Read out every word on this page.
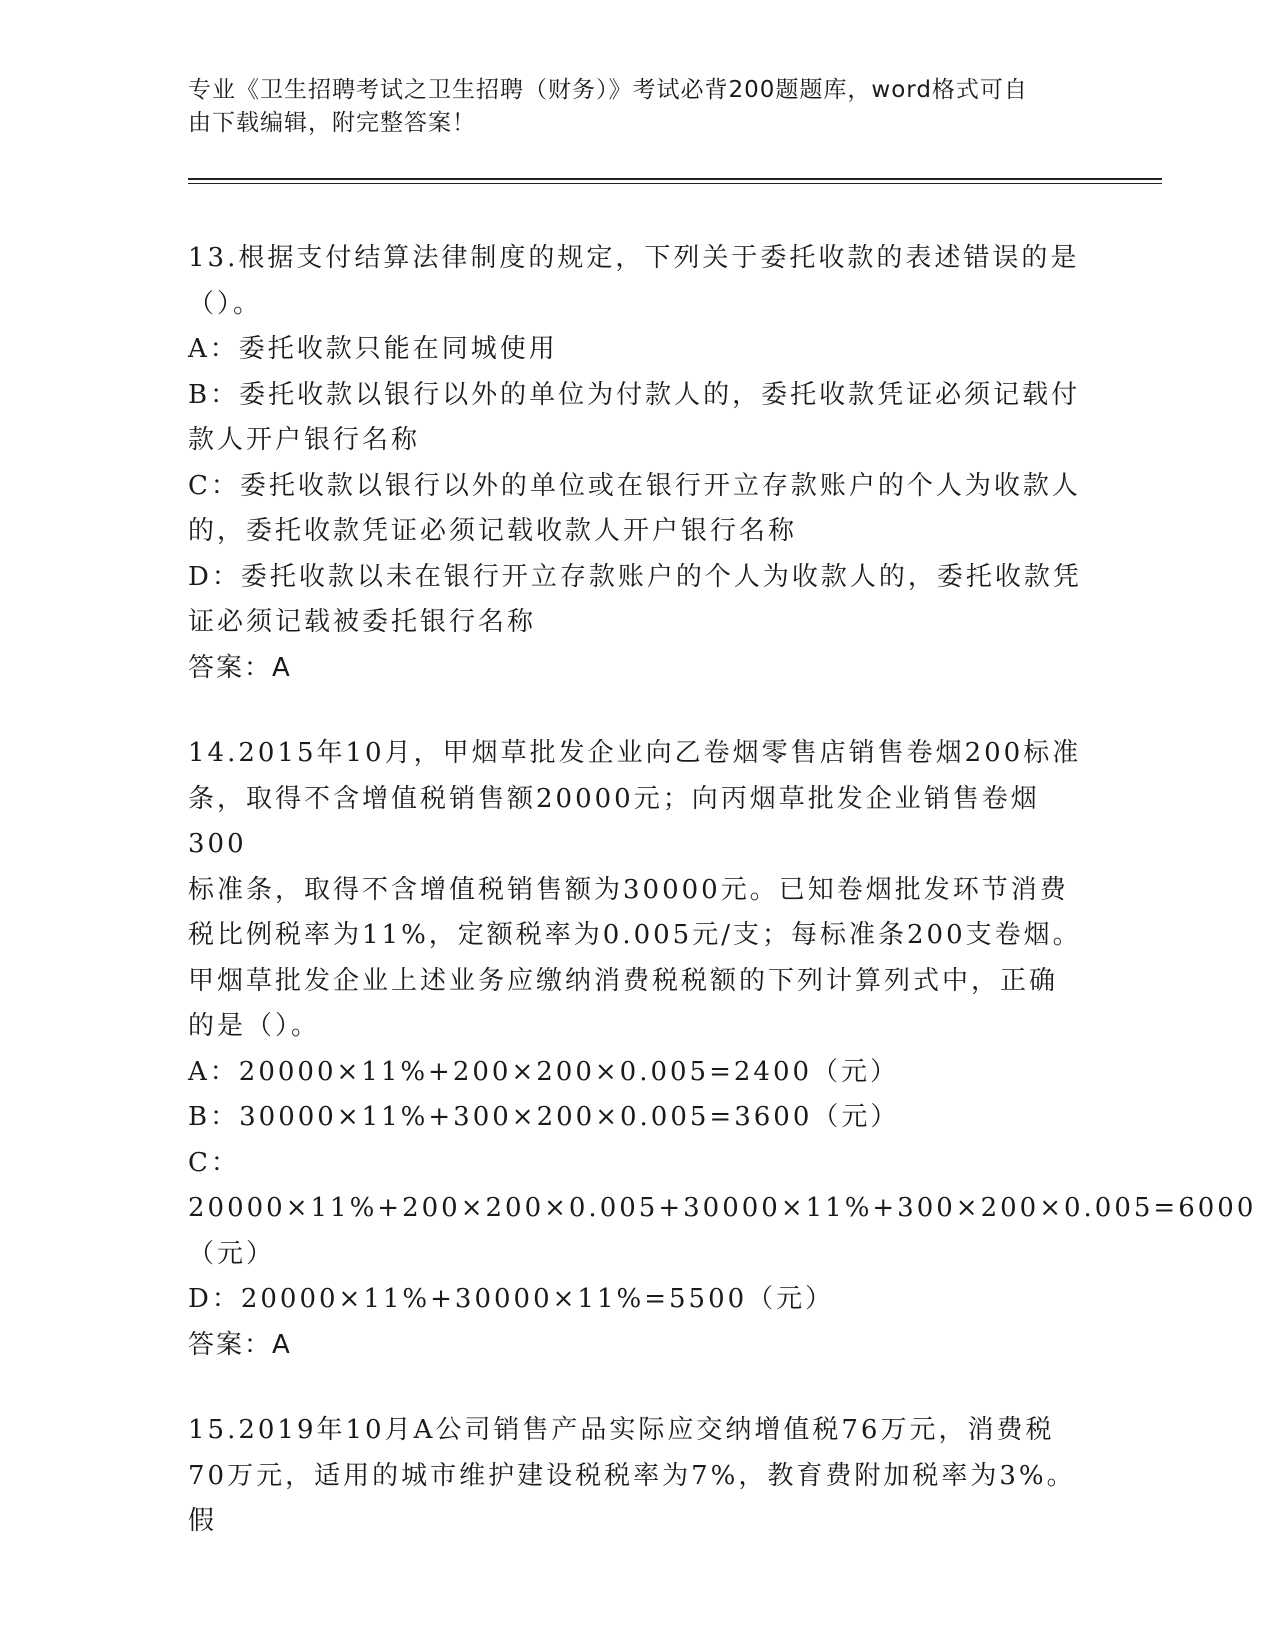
专业《卫生招聘考试之卫生招聘（财务）》考试必背200题题库，word格式可自
由下载编辑，附完整答案！
13.根据支付结算法律制度的规定，下列关于委托收款的表述错误的是
（）。
A：委托收款只能在同城使用
B：委托收款以银行以外的单位为付款人的，委托收款凭证必须记载付
款人开户银行名称
C：委托收款以银行以外的单位或在银行开立存款账户的个人为收款人
的，委托收款凭证必须记载收款人开户银行名称
D：委托收款以未在银行开立存款账户的个人为收款人的，委托收款凭
证必须记载被委托银行名称
答案：A
14.2015年10月，甲烟草批发企业向乙卷烟零售店销售卷烟200标准
条，取得不含增值税销售额20000元；向丙烟草批发企业销售卷烟300
标准条，取得不含增值税销售额为30000元。已知卷烟批发环节消费
税比例税率为11%，定额税率为0.005元/支；每标准条200支卷烟。
甲烟草批发企业上述业务应缴纳消费税税额的下列计算列式中，正确
的是（）。
A：20000×11%+200×200×0.005=2400（元）
B：30000×11%+300×200×0.005=3600（元）
C：20000×11%+200×200×0.005+30000×11%+300×200×0.005=6000
（元）
D：20000×11%+30000×11%=5500（元）
答案：A
15.2019年10月A公司销售产品实际应交纳增值税76万元，消费税
70万元，适用的城市维护建设税税率为7%，教育费附加税率为3%。假
